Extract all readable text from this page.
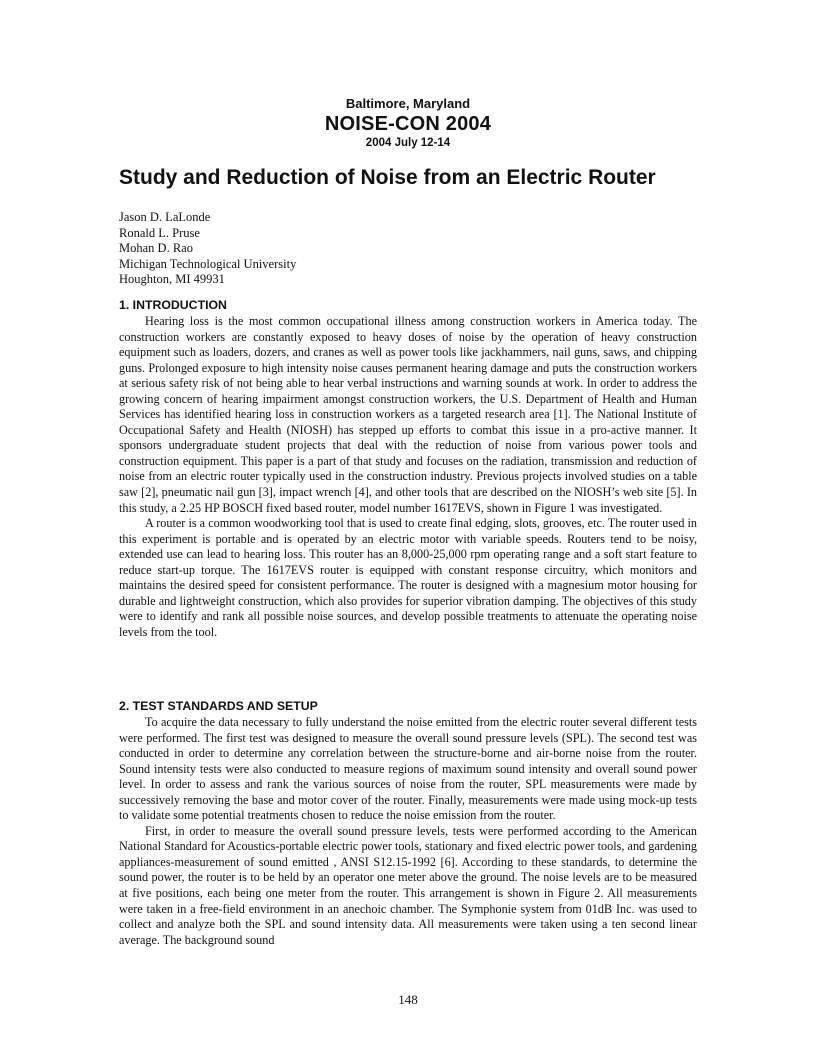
Baltimore, Maryland
NOISE-CON 2004
2004 July 12-14
Study and Reduction of Noise from an Electric Router
Jason D. LaLonde
Ronald L. Pruse
Mohan D. Rao
Michigan Technological University
Houghton, MI 49931
1. INTRODUCTION

Hearing loss is the most common occupational illness among construction workers in America today. The construction workers are constantly exposed to heavy doses of noise by the operation of heavy construction equipment such as loaders, dozers, and cranes as well as power tools like jackhammers, nail guns, saws, and chipping guns. Prolonged exposure to high intensity noise causes permanent hearing damage and puts the construction workers at serious safety risk of not being able to hear verbal instructions and warning sounds at work. In order to address the growing concern of hearing impairment amongst construction workers, the U.S. Department of Health and Human Services has identified hearing loss in construction workers as a targeted research area [1]. The National Institute of Occupational Safety and Health (NIOSH) has stepped up efforts to combat this issue in a pro-active manner. It sponsors undergraduate student projects that deal with the reduction of noise from various power tools and construction equipment. This paper is a part of that study and focuses on the radiation, transmission and reduction of noise from an electric router typically used in the construction industry. Previous projects involved studies on a table saw [2], pneumatic nail gun [3], impact wrench [4], and other tools that are described on the NIOSH’s web site [5]. In this study, a 2.25 HP BOSCH fixed based router, model number 1617EVS, shown in Figure 1 was investigated.

A router is a common woodworking tool that is used to create final edging, slots, grooves, etc. The router used in this experiment is portable and is operated by an electric motor with variable speeds. Routers tend to be noisy, extended use can lead to hearing loss. This router has an 8,000-25,000 rpm operating range and a soft start feature to reduce start-up torque. The 1617EVS router is equipped with constant response circuitry, which monitors and maintains the desired speed for consistent performance. The router is designed with a magnesium motor housing for durable and lightweight construction, which also provides for superior vibration damping. The objectives of this study were to identify and rank all possible noise sources, and develop possible treatments to attenuate the operating noise levels from the tool.

2. TEST STANDARDS AND SETUP

To acquire the data necessary to fully understand the noise emitted from the electric router several different tests were performed. The first test was designed to measure the overall sound pressure levels (SPL). The second test was conducted in order to determine any correlation between the structure-borne and air-borne noise from the router. Sound intensity tests were also conducted to measure regions of maximum sound intensity and overall sound power level. In order to assess and rank the various sources of noise from the router, SPL measurements were made by successively removing the base and motor cover of the router. Finally, measurements were made using mock-up tests to validate some potential treatments chosen to reduce the noise emission from the router.

First, in order to measure the overall sound pressure levels, tests were performed according to the American National Standard for Acoustics-portable electric power tools, stationary and fixed electric power tools, and gardening appliances-measurement of sound emitted , ANSI S12.15-1992 [6]. According to these standards, to determine the sound power, the router is to be held by an operator one meter above the ground. The noise levels are to be measured at five positions, each being one meter from the router. This arrangement is shown in Figure 2. All measurements were taken in a free-field environment in an anechoic chamber. The Symphonie system from 01dB Inc. was used to collect and analyze both the SPL and sound intensity data. All measurements were taken using a ten second linear average. The background sound

148
